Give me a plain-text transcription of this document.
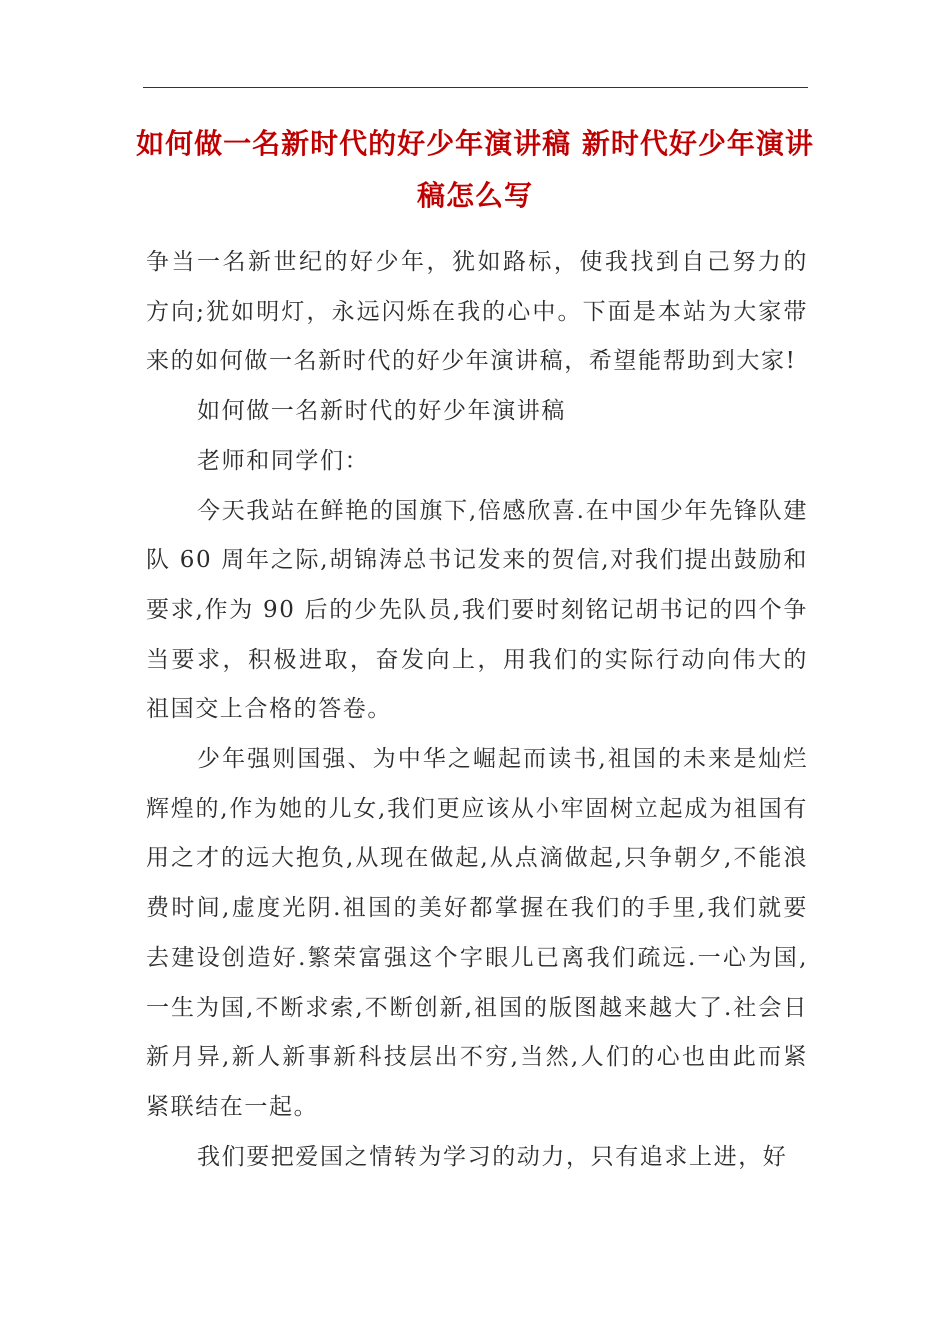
如何做一名新时代的好少年演讲稿 新时代好少年演讲稿怎么写

争当一名新世纪的好少年，犹如路标，使我找到自己努力的方向;犹如明灯，永远闪烁在我的心中。下面是本站为大家带来的如何做一名新时代的好少年演讲稿，希望能帮助到大家!

如何做一名新时代的好少年演讲稿

老师和同学们：

今天我站在鲜艳的国旗下,倍感欣喜.在中国少年先锋队建队 60 周年之际,胡锦涛总书记发来的贺信,对我们提出鼓励和要求,作为 90 后的少先队员,我们要时刻铭记胡书记的四个争当要求，积极进取，奋发向上，用我们的实际行动向伟大的祖国交上合格的答卷。

少年强则国强、为中华之崛起而读书,祖国的未来是灿烂辉煌的,作为她的儿女,我们更应该从小牢固树立起成为祖国有用之才的远大抱负,从现在做起,从点滴做起,只争朝夕,不能浪费时间,虚度光阴.祖国的美好都掌握在我们的手里,我们就要去建设创造好.繁荣富强这个字眼儿已离我们疏远.一心为国,一生为国,不断求索,不断创新,祖国的版图越来越大了.社会日新月异,新人新事新科技层出不穷,当然,人们的心也由此而紧紧联结在一起。

我们要把爱国之情转为学习的动力，只有追求上进，好
